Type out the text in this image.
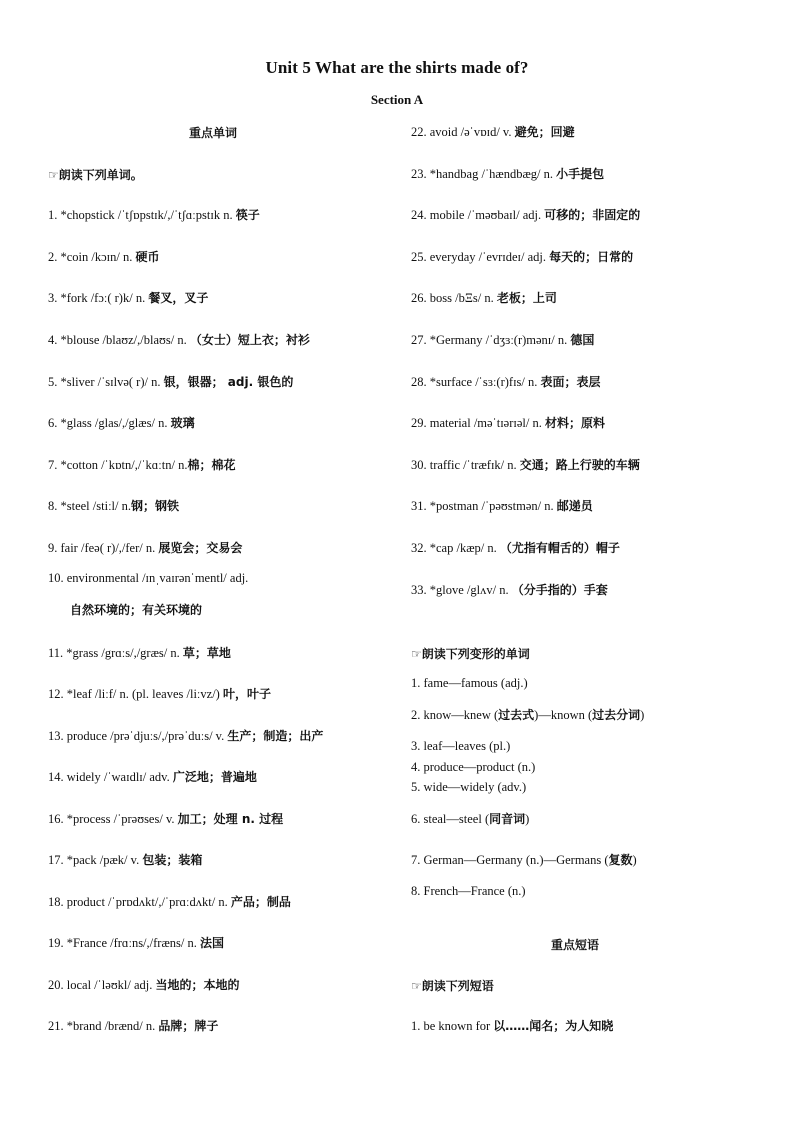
Unit 5 What are the shirts made of?
Section A
重点单词
☞朗读下列单词。
1. *chopstick /ˈtʃɒpstɪk/,/ˈtʃɑːpstɪk n. 筷子
2. *coin /kɔɪn/ n. 硬币
3. *fork /fɔː( r)k/ n. 餐叉，叉子
4. *blouse /blaʊz/,/blaʊs/ n. （女士）短上衣；衬衫
5. *sliver /ˈsɪlvə( r)/ n. 银，银器； adj. 银色的
6. *glass /glas/,/glæs/ n. 玻璃
7. *cotton /ˈkɒtn/,/ˈkɑːtn/ n.棉；棉花
8. *steel /stiːl/ n.钢；钢铁
9. fair /feə( r)/,/fer/ n. 展览会；交易会
10. environmental /ɪnˌvaɪrənˈmentl/ adj.
自然环境的；有关环境的
11. *grass /grɑːs/,/græs/ n. 草；草地
12. *leaf /liːf/ n. (pl. leaves /liːvz/) 叶，叶子
13. produce /prəˈdjuːs/,/prəˈduːs/ v. 生产；制造；出产
14. widely /ˈwaɪdlɪ/ adv. 广泛地；普遍地
16. *process /ˈprəʊses/ v. 加工；处理 n. 过程
17. *pack /pæk/ v. 包装；装箱
18. product /ˈprɒdʌkt/,/ˈprɑːdʌkt/ n. 产品；制品
19. *France /frɑːns/,/fræns/ n. 法国
20. local /ˈləʊkl/ adj. 当地的；本地的
21. *brand /brænd/ n. 品牌；牌子
22. avoid /əˈvɒɪd/ v. 避免；回避
23. *handbag /ˈhændbæg/ n. 小手提包
24. mobile /ˈməʊbaɪl/ adj. 可移的；非固定的
25. everyday /ˈevrɪdeɪ/ adj. 每天的；日常的
26. boss /bΞs/ n. 老板；上司
27. *Germany /ˈdʒɜː(r)mənɪ/ n. 德国
28. *surface /ˈsɜː(r)fɪs/ n. 表面；表层
29. material /məˈtɪərɪəl/ n. 材料；原料
30. traffic /ˈtræfɪk/ n. 交通；路上行驶的车辆
31. *postman /ˈpəʊstmən/ n. 邮递员
32. *cap /kæp/ n. （尤指有帽舌的）帽子
33. *glove /glʌv/ n. （分手指的）手套
☞朗读下列变形的单词
1. fame—famous (adj.)
2. know—knew (过去式)—known (过去分词)
3. leaf—leaves (pl.)
4. produce—product (n.)
5. wide—widely (adv.)
6. steal—steel (同音词)
7. German—Germany (n.)—Germans (复数)
8. French—France (n.)
重点短语
☞朗读下列短语
1. be known for 以……闻名；为人知晓
